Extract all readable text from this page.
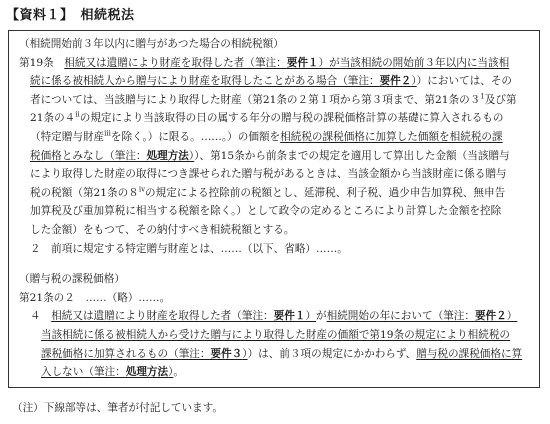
【資料１】　相続税法
（相続開始前３年以内に贈与があつた場合の相続税額）
第19条　相続又は遺贈により財産を取得した者（筆注：要件１）が当該相続の開始前３年以内に当該相
続に係る被相続人から贈与により財産を取得したことがある場合（筆注：要件２））においては、その
者については、当該贈与により取得した財産（第21条の２第１項から第３項まで、第21条の$3^1$及び第
21条の４$^{ii}$の規定により当該取得の日の属する年分の贈与税の課税価格計算の基礎に算入されるもの
（特定贈与財産$^{iii}$を除く。）に限る。……。）の価額を相続税の課税価格に加算した価額を相続税の課
税価格とみなし（筆注：処理方法））、第15条から前条までの規定を適用して算出した金額（当該贈与
により取得した財産の取得につき課せられた贈与税があるときは、当該金額から当該財産に係る贈与
税の税額（第21条の８$^{iv}$の規定による控除前の税額とし、延滞税、利子税、過少申告加算税、無申告
加算税及び重加算税に相当する税額を除く。）として政令の定めるところにより計算した金額を控除
した金額）をもつて、その納付すべき相続税額とする。
２　前項に規定する特定贈与財産とは、……（以下、省略）……。
（贈与税の課税価格）
第21条の２　……（略）……。
４　相続又は遺贈により財産を取得した者（筆注：要件１）が相続開始の年において（筆注：要件２）
当該相続に係る被相続人から受けた贈与により取得した財産の価額で第19条の規定により相続税の
課税価格に加算されるもの（筆注：要件３））は、前３項の規定にかかわらず、贈与税の課税価格に算
入しない（筆注：処理方法）。
（注）下線部等は、筆者が付記しています。
